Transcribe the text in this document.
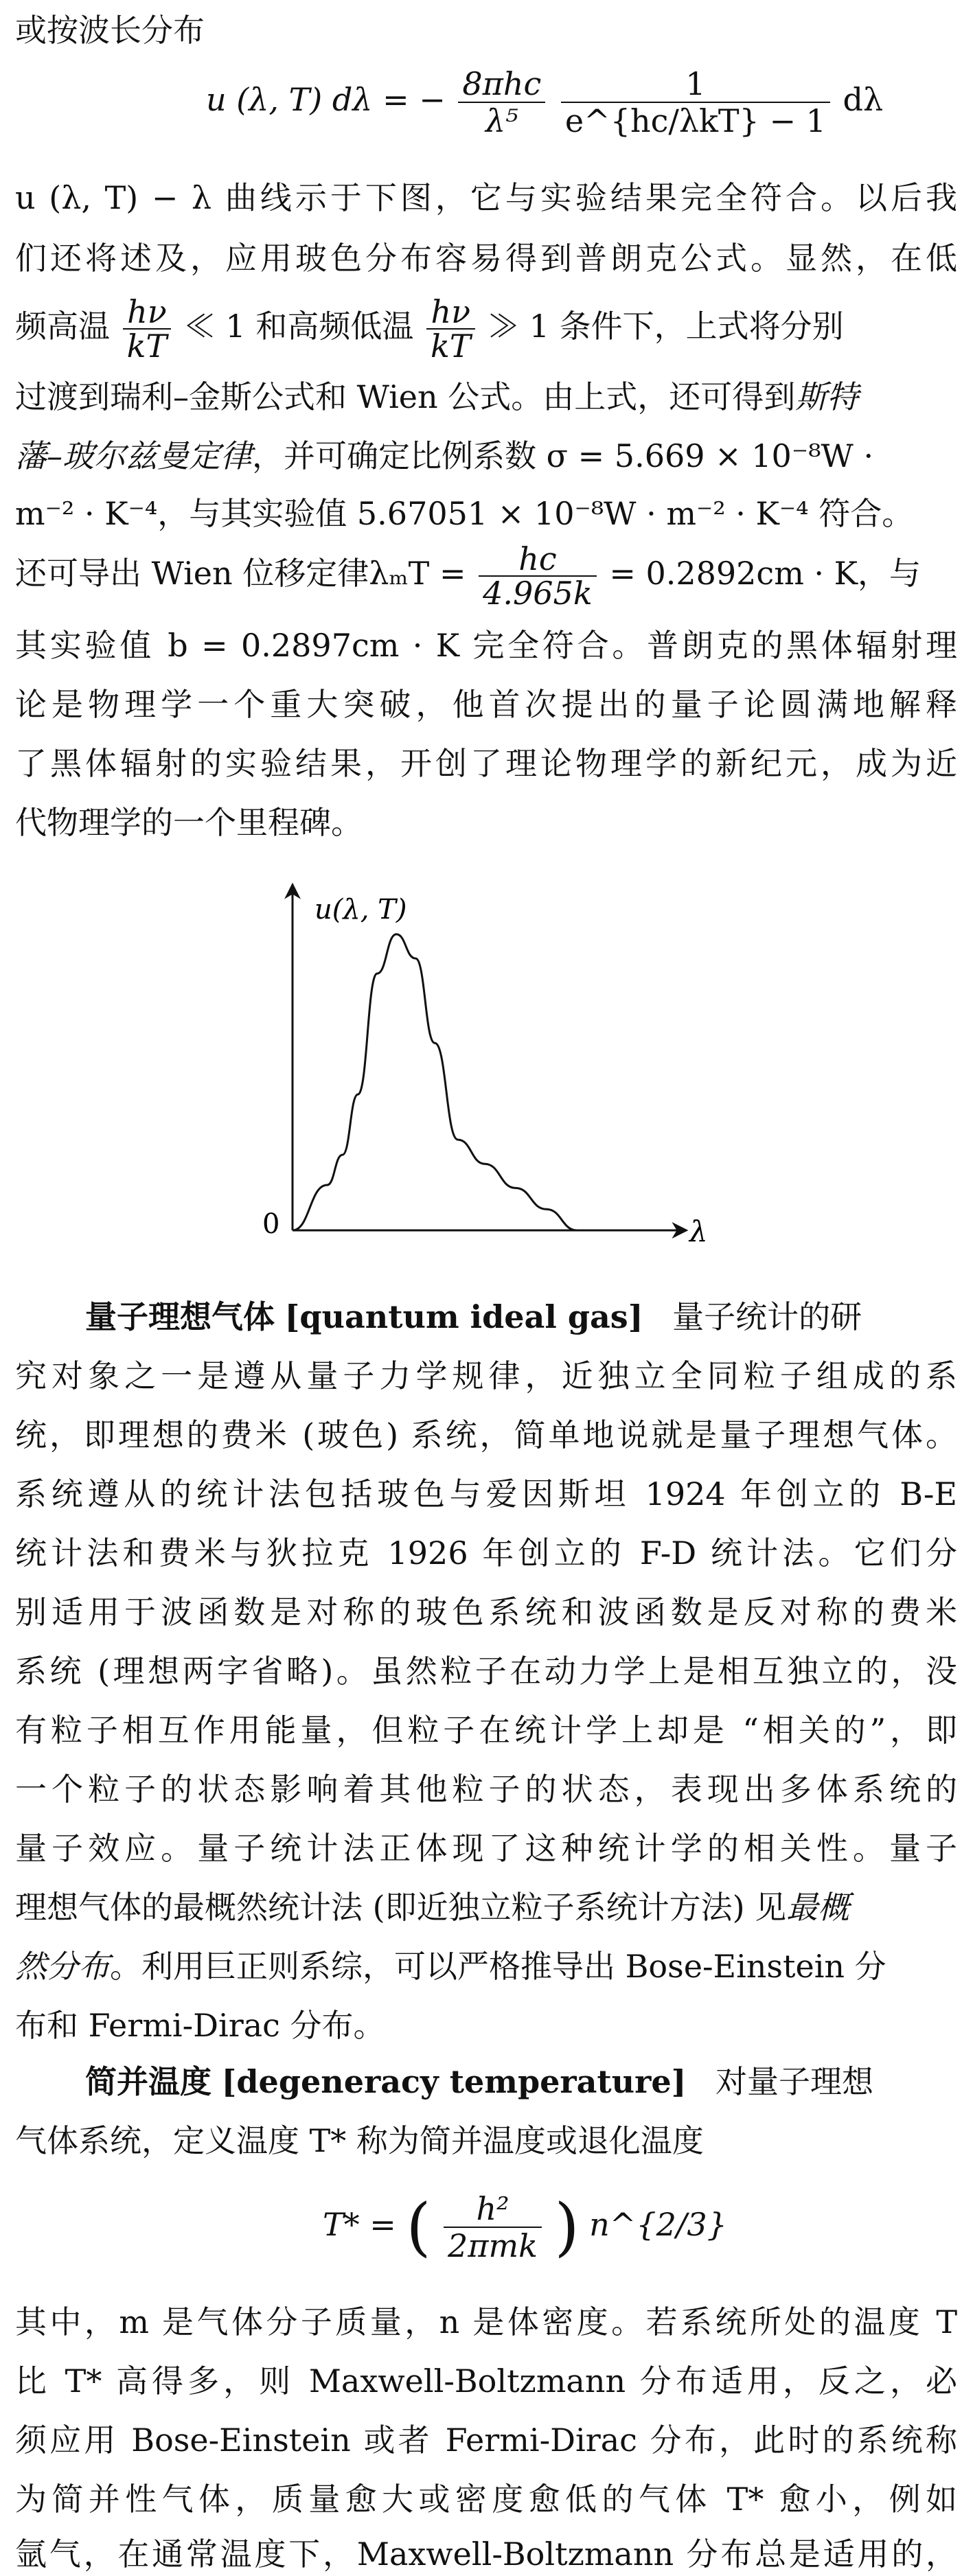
或按波长分布
u (λ, T) dλ = − $\frac{\text{8πhc}}{\text{λ⁵}}$
$\frac{1}{\text{e\textasciicircum{}\{hc/λkT\} − 1}}$ dλ
u (λ, T) − λ 曲线示于下图，它与实验结果完全符合。以后我
们还将述及，应用玻色分布容易得到普朗克公式。显然，在低
频高温 $\frac{h\nu}{kT}$ ≪ 1 和高频低温 $\frac{h\nu}{kT}$ ≫ 1 条件下，上式将分别
过渡到瑞利–金斯公式和 Wien 公式。由上式，还可得到斯特
藩–玻尔兹曼定律，并可确定比例系数 σ = 5.669 × 10⁻⁸W ·
m⁻² · K⁻⁴，与其实验值 5.67051 × 10⁻⁸W · m⁻² · K⁻⁴ 符合。
还可导出 Wien 位移定律$\lambda_mT = \frac{hc}{4.965k} = 0.2892cm \cdot K$，与
其实验值 b = 0.2897cm · K 完全符合。普朗克的黑体辐射理
论是物理学一个重大突破，他首次提出的量子论圆满地解释
了黑体辐射的实验结果，开创了理论物理学的新纪元，成为近
代物理学的一个里程碑。
u(λ, T)
λ
0
量子理想气体 [quantum ideal gas] 量子统计的研
究对象之一是遵从量子力学规律，近独立全同粒子组成的系
统，即理想的费米 (玻色) 系统，简单地说就是量子理想气体。
系统遵从的统计法包括玻色与爱因斯坦 1924 年创立的 B-E
统计法和费米与狄拉克 1926 年创立的 F-D 统计法。它们分
别适用于波函数是对称的玻色系统和波函数是反对称的费米
系统 (理想两字省略)。虽然粒子在动力学上是相互独立的，没
有粒子相互作用能量，但粒子在统计学上却是 “相关的”，即
一个粒子的状态影响着其他粒子的状态，表现出多体系统的
量子效应。量子统计法正体现了这种统计学的相关性。量子
理想气体的最概然统计法 (即近独立粒子系统计方法) 见最概
然分布。利用巨正则系综，可以严格推导出 Bose-Einstein 分
布和 Fermi-Dirac 分布。
简并温度 [degeneracy temperature] 对量子理想
气体系统，定义温度 T* 称为简并温度或退化温度
T* = ( $\frac{\text{h²}}{\text{2πmk}}$ ) n^{2/3}
其中，m 是气体分子质量，n 是体密度。若系统所处的温度 T
比 T* 高得多，则 Maxwell-Boltzmann 分布适用，反之，必
须应用 Bose-Einstein 或者 Fermi-Dirac 分布，此时的系统称
为简并性气体，质量愈大或密度愈低的气体 T* 愈小，例如
氩气，在通常温度下，Maxwell-Boltzmann 分布总是适用的，
